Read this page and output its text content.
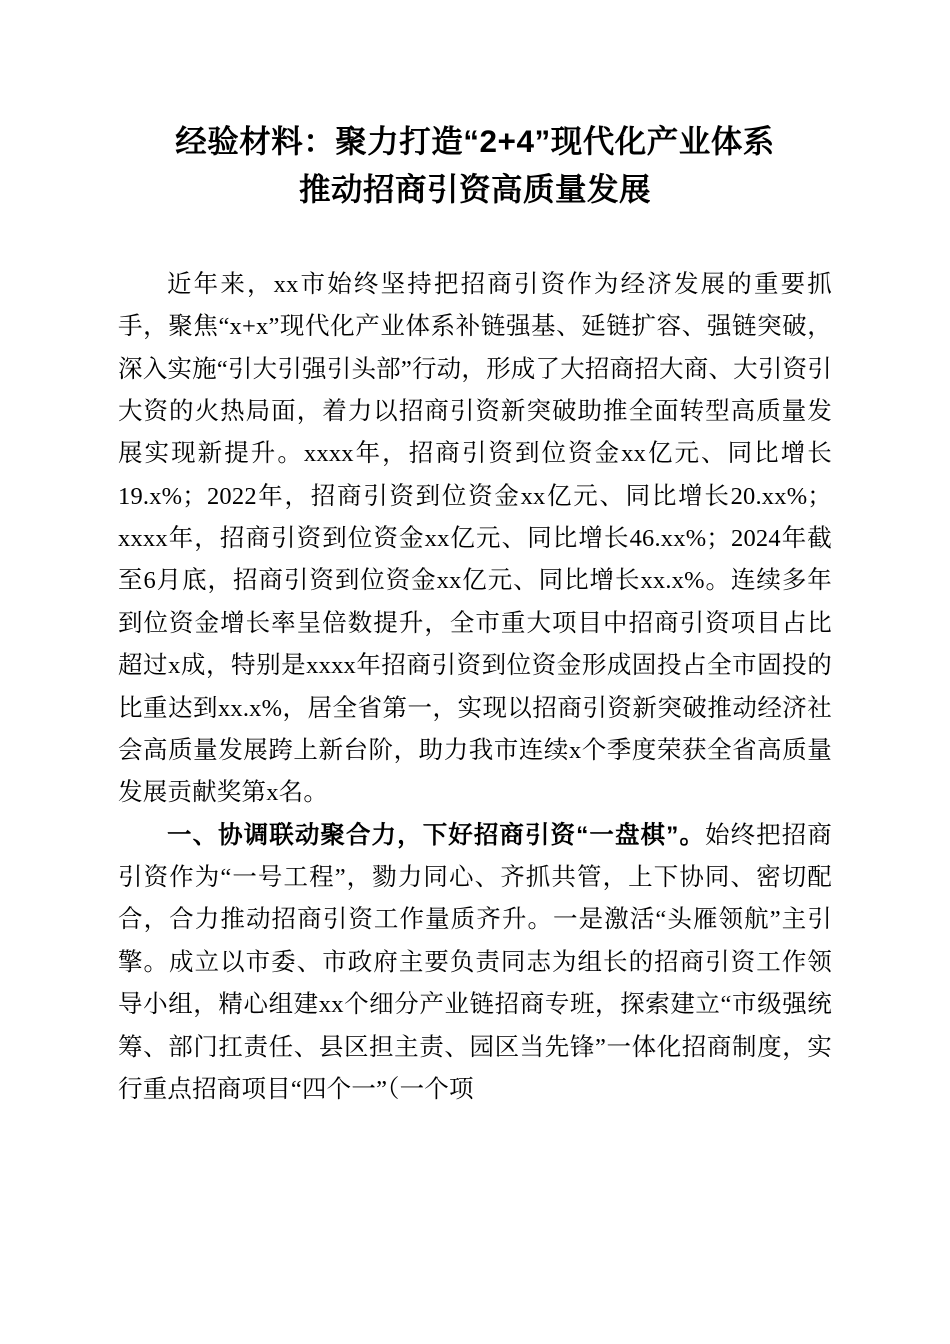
经验材料：聚力打造“2+4”现代化产业体系
推动招商引资高质量发展

近年来，xx市始终坚持把招商引资作为经济发展的重要抓手，聚焦“x+x”现代化产业体系补链强基、延链扩容、强链突破，深入实施“引大引强引头部”行动，形成了大招商招大商、大引资引大资的火热局面，着力以招商引资新突破助推全面转型高质量发展实现新提升。xxxx年，招商引资到位资金xx亿元、同比增长19.x%；2022年，招商引资到位资金xx亿元、同比增长20.xx%；xxxx年，招商引资到位资金xx亿元、同比增长46.xx%；2024年截至6月底，招商引资到位资金xx亿元、同比增长xx.x%。连续多年到位资金增长率呈倍数提升，全市重大项目中招商引资项目占比超过x成，特别是xxxx年招商引资到位资金形成固投占全市固投的比重达到xx.x%，居全省第一，实现以招商引资新突破推动经济社会高质量发展跨上新台阶，助力我市连续x个季度荣获全省高质量发展贡献奖第x名。

一、协调联动聚合力，下好招商引资“一盘棋”。始终把招商引资作为“一号工程”，勠力同心、齐抓共管，上下协同、密切配合，合力推动招商引资工作量质齐升。一是激活“头雁领航”主引擎。成立以市委、市政府主要负责同志为组长的招商引资工作领导小组，精心组建xx个细分产业链招商专班，探索建立“市级强统筹、部门扛责任、县区担主责、园区当先锋”一体化招商制度，实行重点招商项目“四个一”（一个项
